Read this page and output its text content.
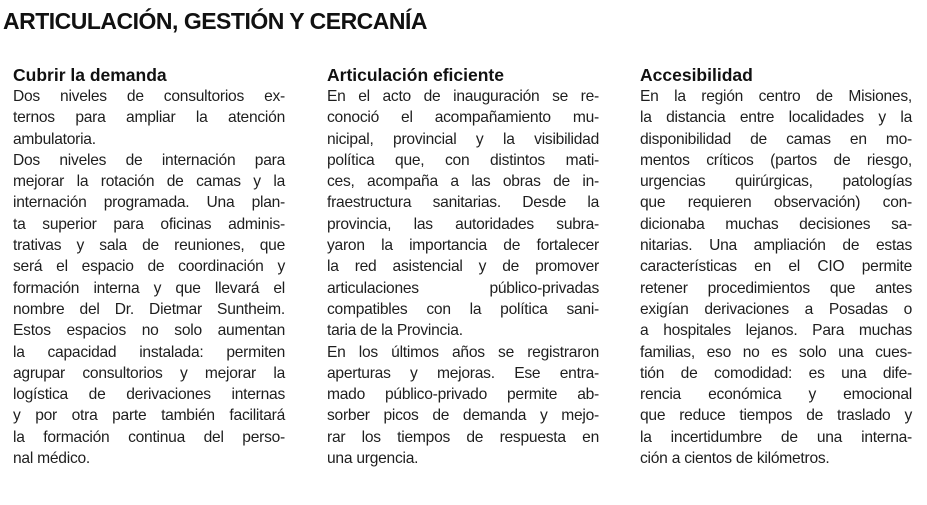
ARTICULACIÓN, GESTIÓN Y CERCANÍA
Cubrir la demanda
Dos niveles de consultorios ex-
ternos para ampliar la atención
ambulatoria.
Dos niveles de internación para
mejorar la rotación de camas y la
internación programada. Una plan-
ta superior para oficinas adminis-
trativas y sala de reuniones, que
será el espacio de coordinación y
formación interna y que llevará el
nombre del Dr. Dietmar Suntheim.
Estos espacios no solo aumentan
la capacidad instalada: permiten
agrupar consultorios y mejorar la
logística de derivaciones internas
y por otra parte también facilitará
la formación continua del perso-
nal médico.
Articulación eficiente
En el acto de inauguración se re-
conoció el acompañamiento mu-
nicipal, provincial y la visibilidad
política que, con distintos mati-
ces, acompaña a las obras de in-
fraestructura sanitarias. Desde la
provincia, las autoridades subra-
yaron la importancia de fortalecer
la red asistencial y de promover
articulaciones público-privadas
compatibles con la política sani-
taria de la Provincia.
En los últimos años se registraron
aperturas y mejoras. Ese entra-
mado público-privado permite ab-
sorber picos de demanda y mejo-
rar los tiempos de respuesta en
una urgencia.
Accesibilidad
En la región centro de Misiones,
la distancia entre localidades y la
disponibilidad de camas en mo-
mentos críticos (partos de riesgo,
urgencias quirúrgicas, patologías
que requieren observación) con-
dicionaba muchas decisiones sa-
nitarias. Una ampliación de estas
características en el CIO permite
retener procedimientos que antes
exigían derivaciones a Posadas o
a hospitales lejanos. Para muchas
familias, eso no es solo una cues-
tión de comodidad: es una dife-
rencia económica y emocional
que reduce tiempos de traslado y
la incertidumbre de una interna-
ción a cientos de kilómetros.
